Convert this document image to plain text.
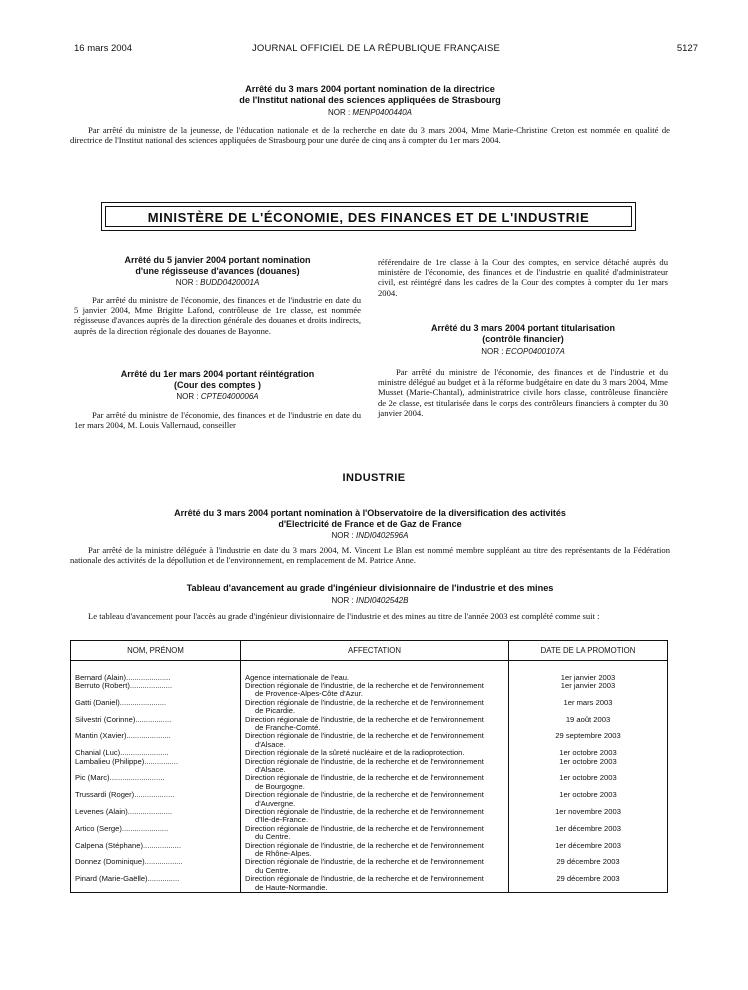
16 mars 2004	JOURNAL OFFICIEL DE LA RÉPUBLIQUE FRANÇAISE	5127
Arrêté du 3 mars 2004 portant nomination de la directrice
de l'Institut national des sciences appliquées de Strasbourg
NOR : MENP0400440A

Par arrêté du ministre de la jeunesse, de l'éducation nationale et de la recherche en date du 3 mars 2004, Mme Marie-Christine Creton est nommée en qualité de directrice de l'Institut national des sciences appliquées de Strasbourg pour une durée de cinq ans à compter du 1er mars 2004.

MINISTÈRE DE L'ÉCONOMIE, DES FINANCES ET DE L'INDUSTRIE
Arrêté du 5 janvier 2004 portant nomination
d'une régisseuse d'avances (douanes)
NOR : BUDD0420001A

Par arrêté du ministre de l'économie, des finances et de l'industrie en date du 5 janvier 2004, Mme Brigitte Lafond, contrôleuse de 1re classe, est nommée régisseuse d'avances auprès de la direction générale des douanes et droits indirects, auprès de la direction régionale des douanes de Bayonne.

Arrêté du 1er mars 2004 portant réintégration
(Cour des comptes )
NOR : CPTE0400006A

Par arrêté du ministre de l'économie, des finances et de l'industrie en date du 1er mars 2004, M. Louis Vallernaud, conseiller

référendaire de 1re classe à la Cour des comptes, en service détaché auprès du ministère de l'économie, des finances et de l'industrie en qualité d'administrateur civil, est réintégré dans les cadres de la Cour des comptes à compter du 1er mars 2004.

Arrêté du 3 mars 2004 portant titularisation
(contrôle financier)
NOR : ECOP0400107A

Par arrêté du ministre de l'économie, des finances et de l'industrie et du ministre délégué au budget et à la réforme budgétaire en date du 3 mars 2004, Mme Musset (Marie-Chantal), administratrice civile hors classe, contrôleuse financière de 2e classe, est titularisée dans le corps des contrôleurs financiers à compter du 30 janvier 2004.

INDUSTRIE
Arrêté du 3 mars 2004 portant nomination à l'Observatoire de la diversification des activités
d'Electricité de France et de Gaz de France
NOR : INDI0402596A

Par arrêté de la ministre déléguée à l'industrie en date du 3 mars 2004, M. Vincent Le Blan est nommé membre suppléant au titre des représentants de la Fédération nationale des activités de la dépollution et de l'environnement, en remplacement de M. Patrice Anne.

Tableau d'avancement au grade d'ingénieur divisionnaire de l'industrie et des mines
NOR : INDI0402542B

Le tableau d'avancement pour l'accès au grade d'ingénieur divisionnaire de l'industrie et des mines au titre de l'année 2003 est complété comme suit :

NOM, PRÉNOM	AFFECTATION	DATE DE LA PROMOTION

Bernard (Alain).....................	Agence internationale de l'eau.	1er janvier 2003
Berruto (Robert)....................	Direction régionale de l'industrie, de la recherche et de l'environnement
de Provence-Alpes-Côte d'Azur.	1er janvier 2003
Gatti (Daniel)......................	Direction régionale de l'industrie, de la recherche et de l'environnement
de Picardie.	1er mars 2003
Silvestri (Corinne).................	Direction régionale de l'industrie, de la recherche et de l'environnement
de Franche-Comté.	19 août 2003
Mantin (Xavier).....................	Direction régionale de l'industrie, de la recherche et de l'environnement
d'Alsace.	29 septembre 2003
Chanial (Luc).......................	Direction régionale de la sûreté nucléaire et de la radioprotection.	1er octobre 2003
Lambalieu (Philippe)................	Direction régionale de l'industrie, de la recherche et de l'environnement
d'Alsace.	1er octobre 2003
Pic (Marc)..........................	Direction régionale de l'industrie, de la recherche et de l'environnement
de Bourgogne.	1er octobre 2003
Trussardi (Roger)...................	Direction régionale de l'industrie, de la recherche et de l'environnement
d'Auvergne.	1er octobre 2003
Levenes (Alain).....................	Direction régionale de l'industrie, de la recherche et de l'environnement
d'Ile-de-France.	1er novembre 2003
Artico (Serge)......................	Direction régionale de l'industrie, de la recherche et de l'environnement
du Centre.	1er décembre 2003
Calpena (Stéphane)..................	Direction régionale de l'industrie, de la recherche et de l'environnement
de Rhône-Alpes.	1er décembre 2003
Donnez (Dominique)..................	Direction régionale de l'industrie, de la recherche et de l'environnement
du Centre.	29 décembre 2003
Pinard (Marie-Gaëlle)...............	Direction régionale de l'industrie, de la recherche et de l'environnement
de Haute-Normandie.	29 décembre 2003
